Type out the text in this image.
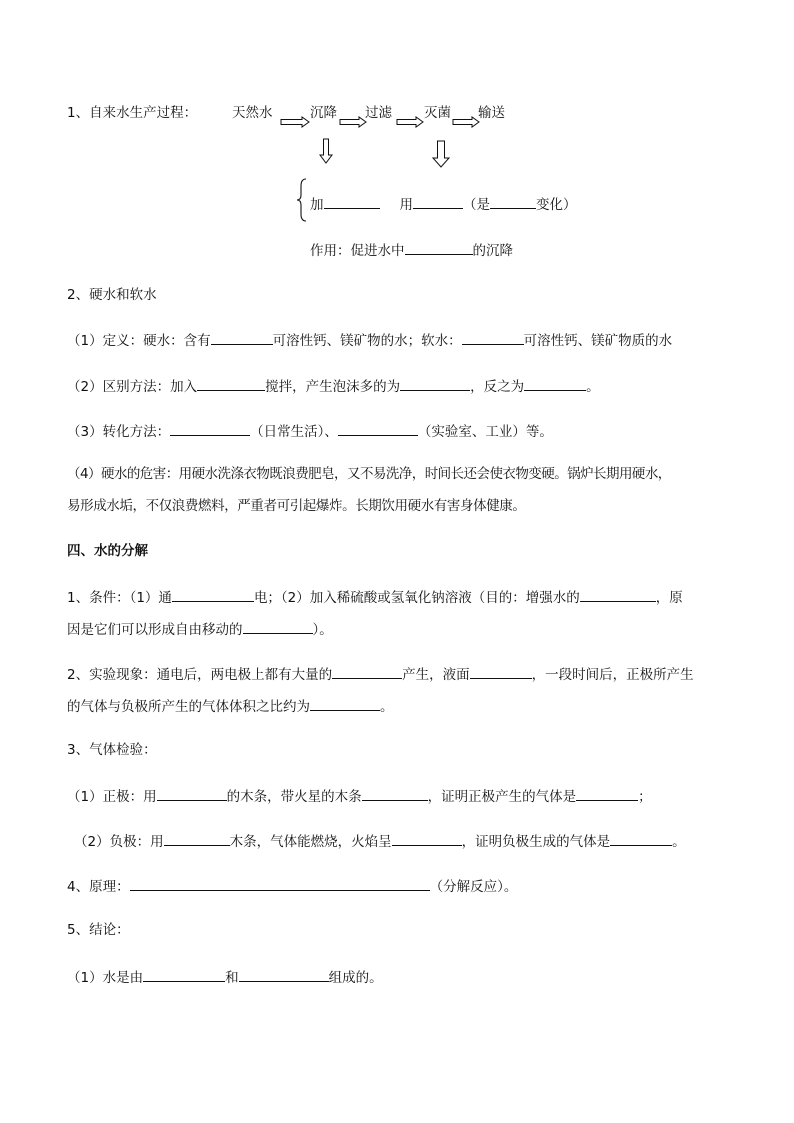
1、自来水生产过程：	天然水	沉降 过滤 灭菌 输送
加	用	（是	变化）
作用：促进水中	的沉降
2、硬水和软水
（1）定义：硬水：含有	可溶性钙、镁矿物的水；软水：	可溶性钙、镁矿物质的水
（2）区别方法：加入	搅拌，产生泡沫多的为	，反之为	。
（3）转化方法：	（日常生活）、	（实验室、工业）等。
（4）硬水的危害：用硬水洗涤衣物既浪费肥皂，又不易洗净，时间长还会使衣物变硬。锅炉长期用硬水，
易形成水垢，不仅浪费燃料，严重者可引起爆炸。长期饮用硬水有害身体健康。
四、水的分解
1、条件：（1）通	电；（2）加入稀硫酸或氢氧化钠溶液（目的：增强水的	，原
因是它们可以形成自由移动的	）。
2、实验现象：通电后，两电极上都有大量的	产生，液面	，一段时间后，正极所产生
的气体与负极所产生的气体体积之比约为	。
3、气体检验：
（1）正极：用	的木条，带火星的木条	，证明正极产生的气体是	；
（2）负极：用	木条，气体能燃烧，火焰呈	，证明负极生成的气体是	。
4、原理：	（分解反应）。
5、结论：
（1）水是由	和	组成的。
